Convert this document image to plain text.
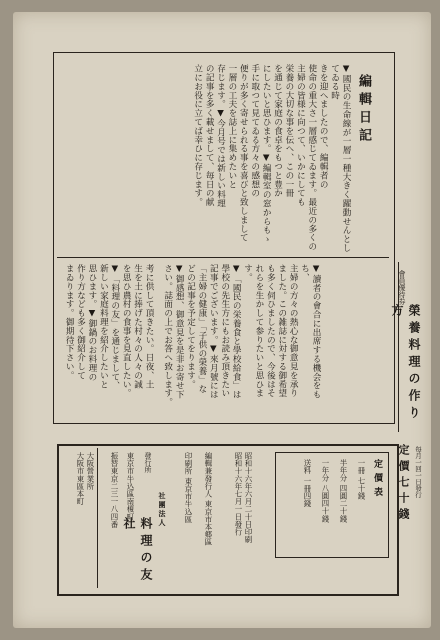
編輯日記
▼國民の生命線が一層一種大きく躍動せんとしてゐる時
きを迎へましたので、編輯者の
使命の重大さ一層感じてゐます。最近の多くの
主婦の皆様に向つて、いかにしても
栄養の大切な事を伝へ、この一冊
を通じて家庭の食卓をもつと豊か
にしたいと思ひます。▼編輯室の窓からもゝ
手に取つて見てゐる方々の感想の
便りが多く寄せられる事を喜びと致しまして
一層の工夫を誌上に集めたいと
存じます。▼今月号では新しい料理
の記事を多く載せまして、毎日の献
立にお役に立てば幸ひに存じます。
▼讀者の會合に出席する機会をもち、
主婦の方々の熱心な御意見を承り
ました。この雑誌に対する御希望
も多く伺ひましたので、今後はそ
れらを生かして参りたいと思ひます。
▼「國民の栄養食と學校給食」は
學校の先生方にもお読み頂きたい
記事でございます。▼來月號には
「主婦の健康」「子供の榮養」な
どの記事を予定してをります。
▼御感想、御意見を是非お寄せ下
さい。誌面の上でお答へ致します。
考に供して頂きたい。日夜、土
生を土に捧げた村々の人々の誠
を思ひ農村の食事を見直したい。
▼「料理の友」を通じまして、
新しい家庭料理を紹介したいと
思ひます。▼御鍋のお料理の
作り方なども多く御紹介して
まゐります。御期待下さい。	會員優待券
榮養料理の作り方
每月一回一日發行
定價七十錢
定價表
一冊 七十錢
半年分 四圓二十錢
一年分 八圓四十錢
送料 一冊四錢
昭和十六年六月二十日印刷
昭和十六年七月一日發行
編輯兼發行人 東京市本郷區
印刷所 東京市牛込區
社團法人
料理の友社
發行所
東京市牛込區南榎町
振替東京二三一八四番
大阪營業所
大阪市東區本町
